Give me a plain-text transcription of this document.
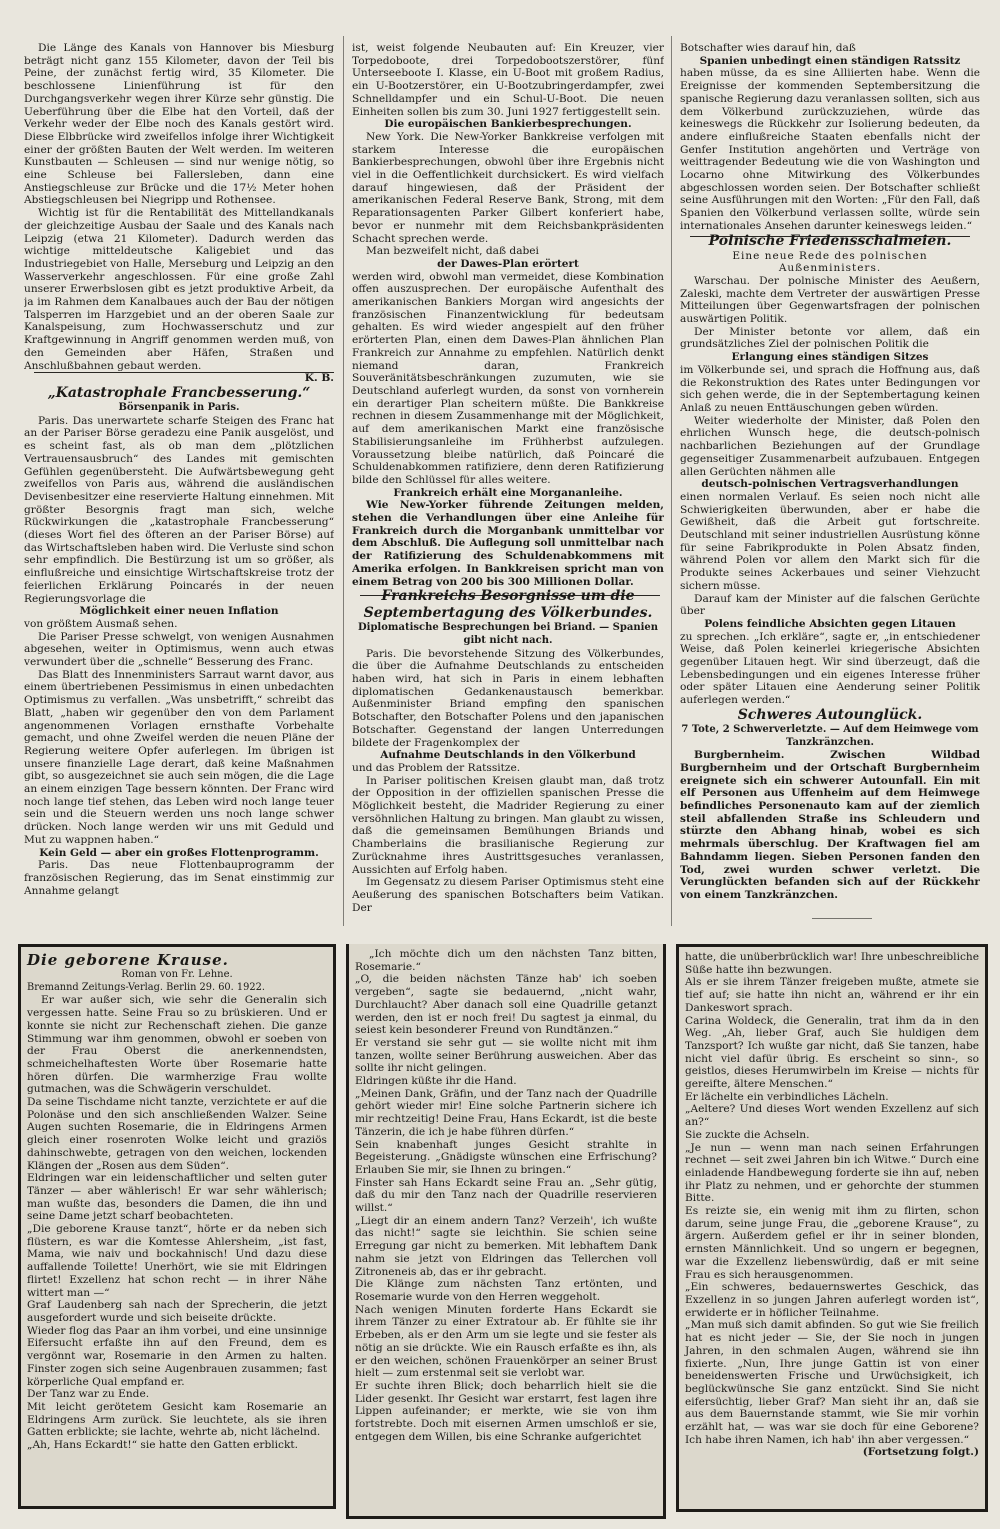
Die Länge des Kanals von Hannover bis Miesburg beträgt nicht ganz 155 Kilometer, davon der Teil bis Peine, der zunächst fertig wird, 35 Kilometer. Die beschlossene Linienführung ist für den Durchgangsverkehr wegen ihrer Kürze sehr günstig. Die Ueberführung über die Elbe hat den Vorteil, daß der Verkehr weder der Elbe noch des Kanals gestört wird. Diese Elbbrücke wird zweifellos infolge ihrer Wichtigkeit einer der größten Bauten der Welt werden. Im weiteren Kunstbauten — Schleusen — sind nur wenige nötig, so eine Schleuse bei Fallersleben, dann eine Anstiegschleuse zur Brücke und die 17½ Meter hohen Abstiegschleusen bei Niegripp und Rothensee.

Wichtig ist für die Rentabilität des Mittellandkanals der gleichzeitige Ausbau der Saale und des Kanals nach Leipzig (etwa 21 Kilometer). Dadurch werden das wichtige mitteldeutsche Kaligebiet und das Industriegebiet von Halle, Merseburg und Leipzig an den Wasserverkehr angeschlossen. Für eine große Zahl unserer Erwerbslosen gibt es jetzt produktive Arbeit, da ja im Rahmen dem Kanalbaues auch der Bau der nötigen Talsperren im Harzgebiet und an der oberen Saale zur Kanalspeisung, zum Hochwasserschutz und zur Kraftgewinnung in Angriff genommen werden muß, von den Gemeinden aber Häfen, Straßen und Anschlußbahnen gebaut werden.

K. B.

„Katastrophale Francbesserung.“

Börsenpanik in Paris.

Paris. Das unerwartete scharfe Steigen des Franc hat an der Pariser Börse geradezu eine Panik ausgelöst, und es scheint fast, als ob man dem „plötzlichen Vertrauensausbruch“ des Landes mit gemischten Gefühlen gegenübersteht. Die Aufwärtsbewegung geht zweifellos von Paris aus, während die ausländischen Devisenbesitzer eine reservierte Haltung einnehmen. Mit größter Besorgnis fragt man sich, welche Rückwirkungen die „katastrophale Francbesserung“ (dieses Wort fiel des öfteren an der Pariser Börse) auf das Wirtschaftsleben haben wird. Die Verluste sind schon sehr empfindlich. Die Bestürzung ist um so größer, als einflußreiche und einsichtige Wirtschaftskreise trotz der feierlichen Erklärung Poincarés in der neuen Regierungsvorlage die

Möglichkeit einer neuen Inflation

von größtem Ausmaß sehen.

Die Pariser Presse schwelgt, von wenigen Ausnahmen abgesehen, weiter in Optimismus, wenn auch etwas verwundert über die „schnelle“ Besserung des Franc.

Das Blatt des Innenministers Sarraut warnt davor, aus einem übertriebenen Pessimismus in einen unbedachten Optimismus zu verfallen. „Was unsbetrifft,“ schreibt das Blatt, „haben wir gegenüber den von dem Parlament angenommenen Vorlagen ernsthafte Vorbehalte gemacht, und ohne Zweifel werden die neuen Pläne der Regierung weitere Opfer auferlegen. Im übrigen ist unsere finanzielle Lage derart, daß keine Maßnahmen gibt, so ausgezeichnet sie auch sein mögen, die die Lage an einem einzigen Tage bessern könnten. Der Franc wird noch lange tief stehen, das Leben wird noch lange teuer sein und die Steuern werden uns noch lange schwer drücken. Noch lange werden wir uns mit Geduld und Mut zu wappnen haben.“

Kein Geld — aber ein großes Flottenprogramm.

Paris. Das neue Flottenbauprogramm der französischen Regierung, das im Senat einstimmig zur Annahme gelangt

ist, weist folgende Neubauten auf: Ein Kreuzer, vier Torpedoboote, drei Torpedobootszerstörer, fünf Unterseeboote I. Klasse, ein U-Boot mit großem Radius, ein U-Bootzerstörer, ein U-Bootzubringerdampfer, zwei Schnelldampfer und ein Schul-U-Boot. Die neuen Einheiten sollen bis zum 30. Juni 1927 fertiggestellt sein.

Die europäischen Bankierbesprechungen.

New York. Die New-Yorker Bankkreise verfolgen mit starkem Interesse die europäischen Bankierbesprechungen, obwohl über ihre Ergebnis nicht viel in die Oeffentlichkeit durchsickert. Es wird vielfach darauf hingewiesen, daß der Präsident der amerikanischen Federal Reserve Bank, Strong, mit dem Reparationsagenten Parker Gilbert konferiert habe, bevor er nunmehr mit dem Reichsbankpräsidenten Schacht sprechen werde.

Man bezweifelt nicht, daß dabei

der Dawes-Plan erörtert

werden wird, obwohl man vermeidet, diese Kombination offen auszusprechen. Der europäische Aufenthalt des amerikanischen Bankiers Morgan wird angesichts der französischen Finanzentwicklung für bedeutsam gehalten. Es wird wieder angespielt auf den früher erörterten Plan, einen dem Dawes-Plan ähnlichen Plan Frankreich zur Annahme zu empfehlen. Natürlich denkt niemand daran, Frankreich Souveränitätsbeschränkungen zuzumuten, wie sie Deutschland auferlegt wurden, da sonst von vornherein ein derartiger Plan scheitern müßte. Die Bankkreise rechnen in diesem Zusammenhange mit der Möglichkeit, auf dem amerikanischen Markt eine französische Stabilisierungsanleihe im Frühherbst aufzulegen. Voraussetzung bleibe natürlich, daß Poincaré die Schuldenabkommen ratifiziere, denn deren Ratifizierung bilde den Schlüssel für alles weitere.

Frankreich erhält eine Morgananleihe.

Wie New-Yorker führende Zeitungen melden, stehen die Verhandlungen über eine Anleihe für Frankreich durch die Morganbank unmittelbar vor dem Abschluß. Die Auflegung soll unmittelbar nach der Ratifizierung des Schuldenabkommens mit Amerika erfolgen. In Bankkreisen spricht man von einem Betrag von 200 bis 300 Millionen Dollar.

Frankreichs Besorgnisse um die Septembertagung des Völkerbundes.

Diplomatische Besprechungen bei Briand. — Spanien gibt nicht nach.

Paris. Die bevorstehende Sitzung des Völkerbundes, die über die Aufnahme Deutschlands zu entscheiden haben wird, hat sich in Paris in einem lebhaften diplomatischen Gedankenaustausch bemerkbar. Außenminister Briand empfing den spanischen Botschafter, den Botschafter Polens und den japanischen Botschafter. Gegenstand der langen Unterredungen bildete der Fragenkomplex der

Aufnahme Deutschlands in den Völkerbund

und das Problem der Ratssitze.

In Pariser politischen Kreisen glaubt man, daß trotz der Opposition in der offiziellen spanischen Presse die Möglichkeit besteht, die Madrider Regierung zu einer versöhnlichen Haltung zu bringen. Man glaubt zu wissen, daß die gemeinsamen Bemühungen Briands und Chamberlains die brasilianische Regierung zur Zurücknahme ihres Austrittsgesuches veranlassen, Aussichten auf Erfolg haben.

Im Gegensatz zu diesem Pariser Optimismus steht eine Aeußerung des spanischen Botschafters beim Vatikan. Der

Botschafter wies darauf hin, daß

Spanien unbedingt einen ständigen Ratssitz

haben müsse, da es sine Alliierten habe. Wenn die Ereignisse der kommenden Septembersitzung die spanische Regierung dazu veranlassen sollten, sich aus dem Völkerbund zurückzuziehen, würde das keineswegs die Rückkehr zur Isolierung bedeuten, da andere einflußreiche Staaten ebenfalls nicht der Genfer Institution angehörten und Verträge von weittragender Bedeutung wie die von Washington und Locarno ohne Mitwirkung des Völkerbundes abgeschlossen worden seien. Der Botschafter schließt seine Ausführungen mit den Worten: „Für den Fall, daß Spanien den Völkerbund verlassen sollte, würde sein internationales Ansehen darunter keineswegs leiden.“

Polnische Friedensschalmeien.

Eine neue Rede des polnischen Außenministers.

Warschau. Der polnische Minister des Aeußern, Zaleski, machte dem Vertreter der auswärtigen Presse Mitteilungen über Gegenwartsfragen der polnischen auswärtigen Politik.

Der Minister betonte vor allem, daß ein grundsätzliches Ziel der polnischen Politik die

Erlangung eines ständigen Sitzes

im Völkerbunde sei, und sprach die Hoffnung aus, daß die Rekonstruktion des Rates unter Bedingungen vor sich gehen werde, die in der Septembertagung keinen Anlaß zu neuen Enttäuschungen geben würden.

Weiter wiederholte der Minister, daß Polen den ehrlichen Wunsch hege, die deutsch-polnisch nachbarlichen Beziehungen auf der Grundlage gegenseitiger Zusammenarbeit aufzubauen. Entgegen allen Gerüchten nähmen alle

deutsch-polnischen Vertragsverhandlungen

einen normalen Verlauf. Es seien noch nicht alle Schwierigkeiten überwunden, aber er habe die Gewißheit, daß die Arbeit gut fortschreite. Deutschland mit seiner industriellen Ausrüstung könne für seine Fabrikprodukte in Polen Absatz finden, während Polen vor allem den Markt sich für die Produkte seines Ackerbaues und seiner Viehzucht sichern müsse.

Darauf kam der Minister auf die falschen Gerüchte über

Polens feindliche Absichten gegen Litauen

zu sprechen. „Ich erkläre“, sagte er, „in entschiedener Weise, daß Polen keinerlei kriegerische Absichten gegenüber Litauen hegt. Wir sind überzeugt, daß die Lebensbedingungen und ein eigenes Interesse früher oder später Litauen eine Aenderung seiner Politik auferlegen werden.“

Schweres Autounglück.

7 Tote, 2 Schwerverletzte. — Auf dem Heimwege vom Tanzkränzchen.

Burgbernheim. Zwischen Wildbad Burgbernheim und der Ortschaft Burgbernheim ereignete sich ein schwerer Autounfall. Ein mit elf Personen aus Uffenheim auf dem Heimwege befindliches Personenauto kam auf der ziemlich steil abfallenden Straße ins Schleudern und stürzte den Abhang hinab, wobei es sich mehrmals überschlug. Der Kraftwagen fiel am Bahndamm liegen. Sieben Personen fanden den Tod, zwei wurden schwer verletzt. Die Verunglückten befanden sich auf der Rückkehr von einem Tanzkränzchen.

Die geborene Krause.

Roman von Fr. Lehne.

Bremannd Zeitungs-Verlag. Berlin 29. 60. 1922.

Er war außer sich, wie sehr die Generalin sich vergessen hatte. Seine Frau so zu brüskieren. Und er konnte sie nicht zur Rechenschaft ziehen. Die ganze Stimmung war ihm genommen, obwohl er soeben von der Frau Oberst die anerkennendsten, schmeichelhaftesten Worte über Rosemarie hatte hören dürfen. Die warmherzige Frau wollte gutmachen, was die Schwägerin verschuldet.
Da seine Tischdame nicht tanzte, verzichtete er auf die Polonäse und den sich anschließenden Walzer. Seine Augen suchten Rosemarie, die in Eldringens Armen gleich einer rosenroten Wolke leicht und graziös dahinschwebte, getragen von den weichen, lockenden Klängen der „Rosen aus dem Süden“.
Eldringen war ein leidenschaftlicher und selten guter Tänzer — aber wählerisch! Er war sehr wählerisch; man wußte das, besonders die Damen, die ihn und seine Dame jetzt scharf beobachteten.
„Die geborene Krause tanzt“, hörte er da neben sich flüstern, es war die Komtesse Ahlersheim, „ist fast, Mama, wie naiv und bockahnisch! Und dazu diese auffallende Toilette! Unerhört, wie sie mit Eldringen flirtet! Exzellenz hat schon recht — in ihrer Nähe wittert man —“
Graf Laudenberg sah nach der Sprecherin, die jetzt ausgefordert wurde und sich beiseite drückte.
Wieder flog das Paar an ihm vorbei, und eine unsinnige Eifersucht erfaßte ihn auf den Freund, dem es vergönnt war, Rosemarie in den Armen zu halten. Finster zogen sich seine Augenbrauen zusammen; fast körperliche Qual empfand er.
Der Tanz war zu Ende.
Mit leicht gerötetem Gesicht kam Rosemarie an Eldringens Arm zurück. Sie leuchtete, als sie ihren Gatten erblickte; sie lachte, wehrte ab, nicht lächelnd.
„Ah, Hans Eckardt!“ sie hatte den Gatten erblickt.

„Ich möchte dich um den nächsten Tanz bitten, Rosemarie.“
„O, die beiden nächsten Tänze hab' ich soeben vergeben“, sagte sie bedauernd, „nicht wahr, Durchlaucht? Aber danach soll eine Quadrille getanzt werden, den ist er noch frei! Du sagtest ja einmal, du seiest kein besonderer Freund von Rundtänzen.“
Er verstand sie sehr gut — sie wollte nicht mit ihm tanzen, wollte seiner Berührung ausweichen. Aber das sollte ihr nicht gelingen.
Eldringen küßte ihr die Hand.
„Meinen Dank, Gräfin, und der Tanz nach der Quadrille gehört wieder mir! Eine solche Partnerin sichere ich mir rechtzeitig! Deine Frau, Hans Eckardt, ist die beste Tänzerin, die ich je habe führen dürfen.“
Sein knabenhaft junges Gesicht strahlte in Begeisterung. „Gnädigste wünschen eine Erfrischung? Erlauben Sie mir, sie Ihnen zu bringen.“
Finster sah Hans Eckardt seine Frau an. „Sehr gütig, daß du mir den Tanz nach der Quadrille reservieren willst.“
„Liegt dir an einem andern Tanz? Verzeih', ich wußte das nicht!“ sagte sie leichthin. Sie schien seine Erregung gar nicht zu bemerken. Mit lebhaftem Dank nahm sie jetzt von Eldringen das Tellerchen voll Zitroneneis ab, das er ihr gebracht.
Die Klänge zum nächsten Tanz ertönten, und Rosemarie wurde von den Herren weggeholt.
Nach wenigen Minuten forderte Hans Eckardt sie ihrem Tänzer zu einer Extratour ab. Er fühlte sie ihr Erbeben, als er den Arm um sie legte und sie fester als nötig an sie drückte. Wie ein Rausch erfaßte es ihn, als er den weichen, schönen Frauenkörper an seiner Brust hielt — zum erstenmal seit sie verlobt war.
Er suchte ihren Blick; doch beharrlich hielt sie die Lider gesenkt. Ihr Gesicht war erstarrt, fest lagen ihre Lippen aufeinander; er merkte, wie sie von ihm fortstrebte. Doch mit eisernen Armen umschloß er sie, entgegen dem Willen, bis eine Schranke aufgerichtet

hatte, die unüberbrücklich war! Ihre unbeschreibliche Süße hatte ihn bezwungen.
Als er sie ihrem Tänzer freigeben mußte, atmete sie tief auf; sie hatte ihn nicht an, während er ihr ein Dankeswort sprach.
Carina Woldeck, die Generalin, trat ihm da in den Weg. „Ah, lieber Graf, auch Sie huldigen dem Tanzsport? Ich wußte gar nicht, daß Sie tanzen, habe nicht viel dafür übrig. Es erscheint so sinn-, so geistlos, dieses Herumwirbeln im Kreise — nichts für gereifte, ältere Menschen.“
Er lächelte ein verbindliches Lächeln.
„Aeltere? Und dieses Wort wenden Exzellenz auf sich an?“
Sie zuckte die Achseln.
„Je nun — wenn man nach seinen Erfahrungen rechnet — seit zwei Jahren bin ich Witwe.“ Durch eine einladende Handbewegung forderte sie ihn auf, neben ihr Platz zu nehmen, und er gehorchte der stummen Bitte.
Es reizte sie, ein wenig mit ihm zu flirten, schon darum, seine junge Frau, die „geborene Krause“, zu ärgern. Außerdem gefiel er ihr in seiner blonden, ernsten Männlichkeit. Und so ungern er begegnen, war die Exzellenz liebenswürdig, daß er mit seine Frau es sich herausgenommen.
„Ein schweres, bedauernswertes Geschick, das Exzellenz in so jungen Jahren auferlegt worden ist“, erwiderte er in höflicher Teilnahme.
„Man muß sich damit abfinden. So gut wie Sie freilich hat es nicht jeder — Sie, der Sie noch in jungen Jahren, in den schmalen Augen, während sie ihn fixierte. „Nun, Ihre junge Gattin ist von einer beneidenswerten Frische und Urwüchsigkeit, ich beglückwünsche Sie ganz entzückt. Sind Sie nicht eifersüchtig, lieber Graf? Man sieht ihr an, daß sie aus dem Bauernstande stammt, wie Sie mir vorhin erzählt hat, — was war sie doch für eine Geborene? Ich habe ihren Namen, ich hab' ihn aber vergessen.“

(Fortsetzung folgt.)
